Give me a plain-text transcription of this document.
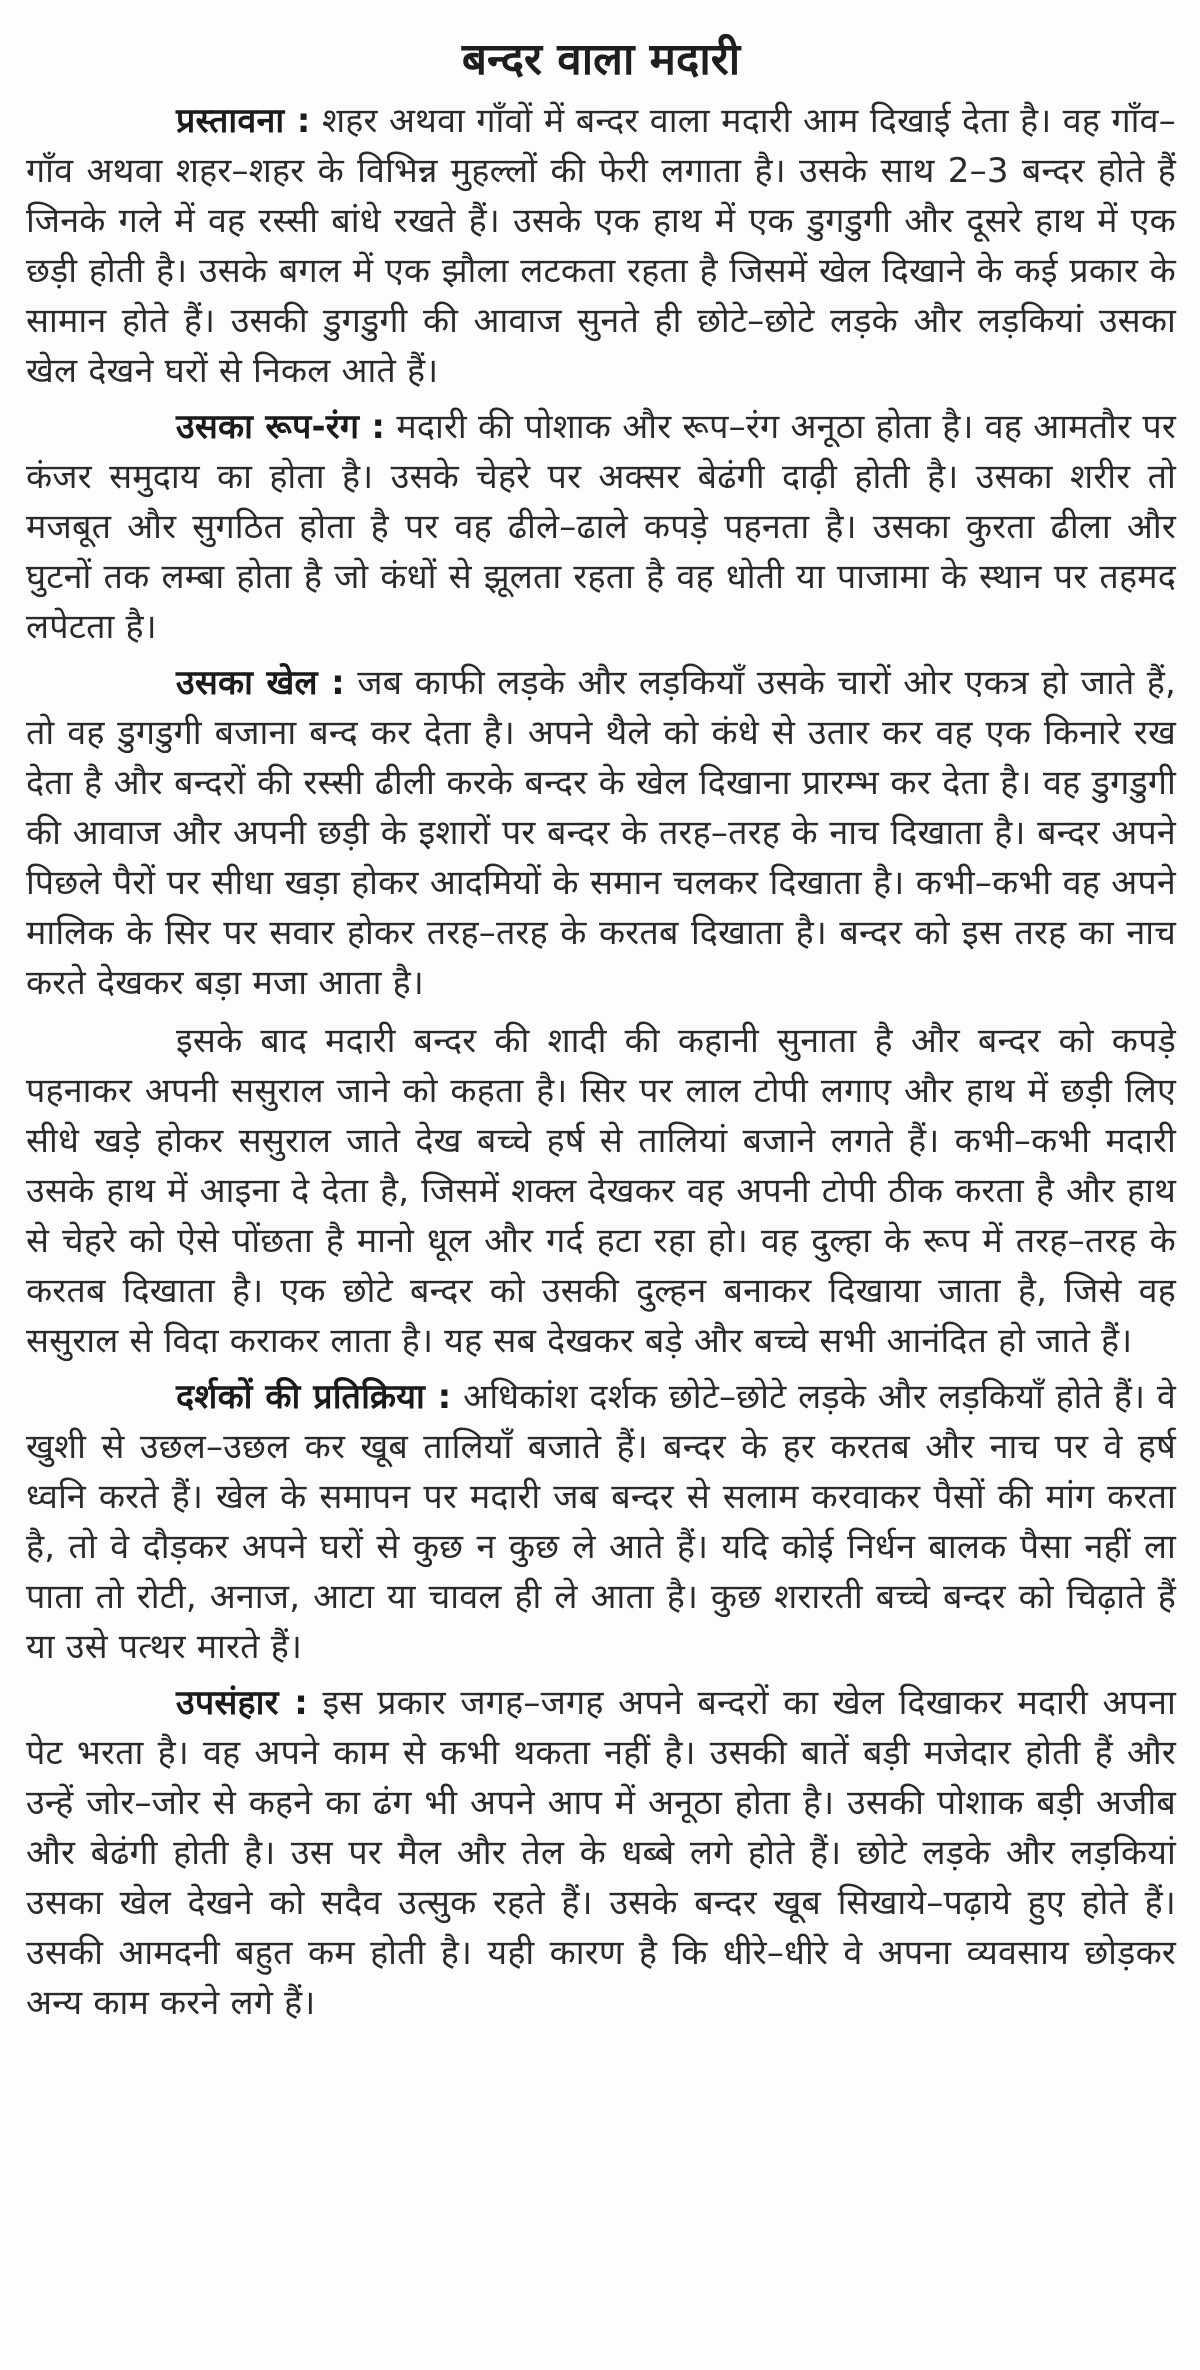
बन्दर वाला मदारी

प्रस्तावना : शहर अथवा गाँवों में बन्दर वाला मदारी आम दिखाई देता है। वह गाँव–गाँव अथवा शहर–शहर के विभिन्न मुहल्लों की फेरी लगाता है। उसके साथ 2–3 बन्दर होते हैं जिनके गले में वह रस्सी बांधे रखते हैं। उसके एक हाथ में एक डुगडुगी और दूसरे हाथ में एक छड़ी होती है। उसके बगल में एक झौला लटकता रहता है जिसमें खेल दिखाने के कई प्रकार के सामान होते हैं। उसकी डुगडुगी की आवाज सुनते ही छोटे–छोटे लड़के और लड़कियां उसका खेल देखने घरों से निकल आते हैं।

उसका रूप-रंग : मदारी की पोशाक और रूप–रंग अनूठा होता है। वह आमतौर पर कंजर समुदाय का होता है। उसके चेहरे पर अक्सर बेढंगी दाढ़ी होती है। उसका शरीर तो मजबूत और सुगठित होता है पर वह ढीले–ढाले कपड़े पहनता है। उसका कुरता ढीला और घुटनों तक लम्बा होता है जो कंधों से झूलता रहता है वह धोती या पाजामा के स्थान पर तहमद लपेटता है।

उसका खेल : जब काफी लड़के और लड़कियाँ उसके चारों ओर एकत्र हो जाते हैं, तो वह डुगडुगी बजाना बन्द कर देता है। अपने थैले को कंधे से उतार कर वह एक किनारे रख देता है और बन्दरों की रस्सी ढीली करके बन्दर के खेल दिखाना प्रारम्भ कर देता है। वह डुगडुगी की आवाज और अपनी छड़ी के इशारों पर बन्दर के तरह–तरह के नाच दिखाता है। बन्दर अपने पिछले पैरों पर सीधा खड़ा होकर आदमियों के समान चलकर दिखाता है। कभी–कभी वह अपने मालिक के सिर पर सवार होकर तरह–तरह के करतब दिखाता है। बन्दर को इस तरह का नाच करते देखकर बड़ा मजा आता है।

इसके बाद मदारी बन्दर की शादी की कहानी सुनाता है और बन्दर को कपड़े पहनाकर अपनी ससुराल जाने को कहता है। सिर पर लाल टोपी लगाए और हाथ में छड़ी लिए सीधे खड़े होकर ससुराल जाते देख बच्चे हर्ष से तालियां बजाने लगते हैं। कभी–कभी मदारी उसके हाथ में आइना दे देता है, जिसमें शक्ल देखकर वह अपनी टोपी ठीक करता है और हाथ से चेहरे को ऐसे पोंछता है मानो धूल और गर्द हटा रहा हो। वह दुल्हा के रूप में तरह–तरह के करतब दिखाता है। एक छोटे बन्दर को उसकी दुल्हन बनाकर दिखाया जाता है, जिसे वह ससुराल से विदा कराकर लाता है। यह सब देखकर बड़े और बच्चे सभी आनंदित हो जाते हैं।

दर्शकों की प्रतिक्रिया : अधिकांश दर्शक छोटे–छोटे लड़के और लड़कियाँ होते हैं। वे खुशी से उछल–उछल कर खूब तालियाँ बजाते हैं। बन्दर के हर करतब और नाच पर वे हर्ष ध्वनि करते हैं। खेल के समापन पर मदारी जब बन्दर से सलाम करवाकर पैसों की मांग करता है, तो वे दौड़कर अपने घरों से कुछ न कुछ ले आते हैं। यदि कोई निर्धन बालक पैसा नहीं ला पाता तो रोटी, अनाज, आटा या चावल ही ले आता है। कुछ शरारती बच्चे बन्दर को चिढ़ाते हैं या उसे पत्थर मारते हैं।

उपसंहार : इस प्रकार जगह–जगह अपने बन्दरों का खेल दिखाकर मदारी अपना पेट भरता है। वह अपने काम से कभी थकता नहीं है। उसकी बातें बड़ी मजेदार होती हैं और उन्हें जोर–जोर से कहने का ढंग भी अपने आप में अनूठा होता है। उसकी पोशाक बड़ी अजीब और बेढंगी होती है। उस पर मैल और तेल के धब्बे लगे होते हैं। छोटे लड़के और लड़कियां उसका खेल देखने को सदैव उत्सुक रहते हैं। उसके बन्दर खूब सिखाये–पढ़ाये हुए होते हैं। उसकी आमदनी बहुत कम होती है। यही कारण है कि धीरे–धीरे वे अपना व्यवसाय छोड़कर अन्य काम करने लगे हैं।
